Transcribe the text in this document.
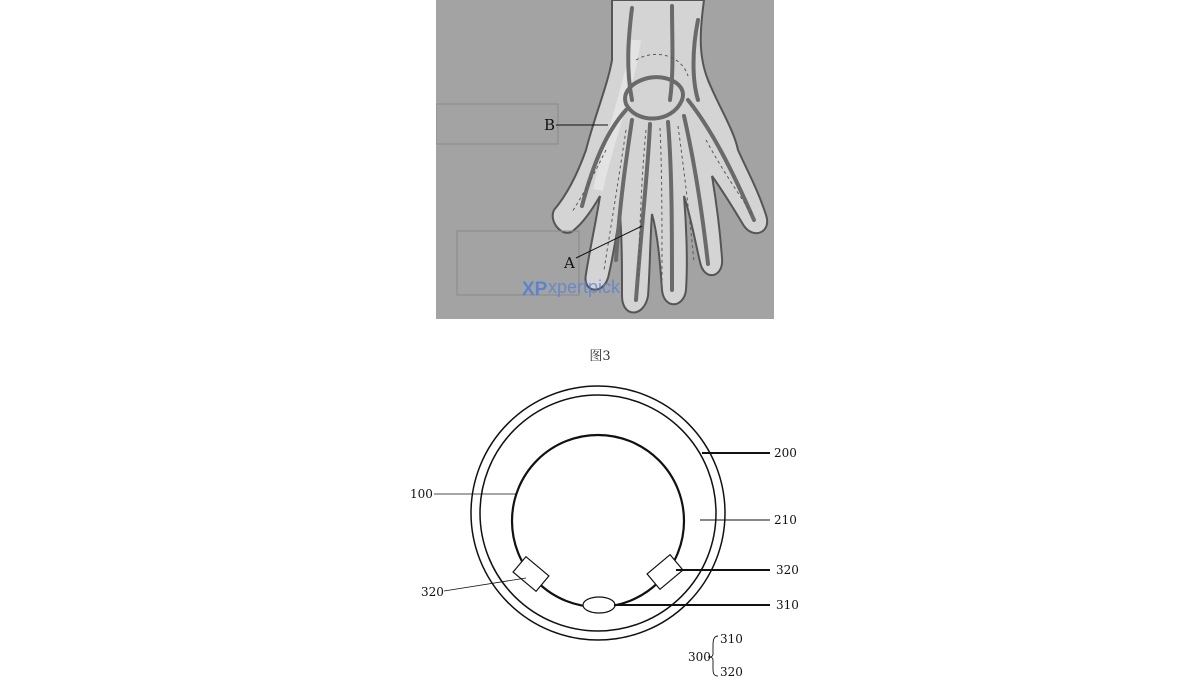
B
A
XP xpertpick
图3
200
210
100
320
320
310
300
310
320
